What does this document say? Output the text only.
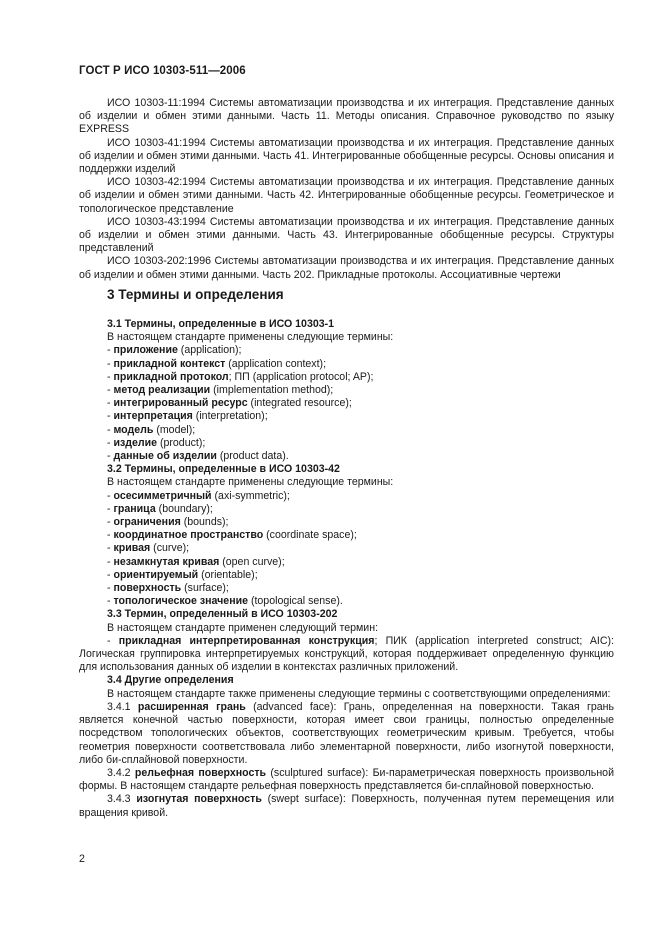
ГОСТ Р ИСО 10303-511—2006

ИСО 10303-11:1994 Системы автоматизации производства и их интеграция. Представление данных об изделии и обмен этими данными. Часть 11. Методы описания. Справочное руководство по языку EXPRESS

ИСО 10303-41:1994 Системы автоматизации производства и их интеграция. Представление данных об изделии и обмен этими данными. Часть 41. Интегрированные обобщенные ресурсы. Основы описания и поддержки изделий

ИСО 10303-42:1994 Системы автоматизации производства и их интеграция. Представление данных об изделии и обмен этими данными. Часть 42. Интегрированные обобщенные ресурсы. Геометрическое и топологическое представление

ИСО 10303-43:1994 Системы автоматизации производства и их интеграция. Представление данных об изделии и обмен этими данными. Часть 43. Интегрированные обобщенные ресурсы. Структуры представлений

ИСО 10303-202:1996 Системы автоматизации производства и их интеграция. Представление данных об изделии и обмен этими данными. Часть 202. Прикладные протоколы. Ассоциативные чертежи

3 Термины и определения

3.1 Термины, определенные в ИСО 10303-1

В настоящем стандарте применены следующие термины:

- приложение (application);

- прикладной контекст (application context);

- прикладной протокол; ПП (application protocol; AP);

- метод реализации (implementation method);

- интегрированный ресурс (integrated resource);

- интерпретация (interpretation);

- модель (model);

- изделие (product);

- данные об изделии (product data).

3.2 Термины, определенные в ИСО 10303-42

В настоящем стандарте применены следующие термины:

- осесимметричный (axi-symmetric);

- граница (boundary);

- ограничения (bounds);

- координатное пространство (coordinate space);

- кривая (curve);

- незамкнутая кривая (open curve);

- ориентируемый (orientable);

- поверхность (surface);

- топологическое значение (topological sense).

3.3 Термин, определенный в ИСО 10303-202

В настоящем стандарте применен следующий термин:

- прикладная интерпретированная конструкция; ПИК (application interpreted construct; AIC): Логическая группировка интерпретируемых конструкций, которая поддерживает определенную функцию для использования данных об изделии в контекстах различных приложений.

3.4 Другие определения

В настоящем стандарте также применены следующие термины с соответствующими определениями:

3.4.1 расширенная грань (advanced face): Грань, определенная на поверхности. Такая грань является конечной частью поверхности, которая имеет свои границы, полностью определенные посредством топологических объектов, соответствующих геометрическим кривым. Требуется, чтобы геометрия поверхности соответствовала либо элементарной поверхности, либо изогнутой поверхности, либо би-сплайновой поверхности.

3.4.2 рельефная поверхность (sculptured surface): Би-параметрическая поверхность произвольной формы. В настоящем стандарте рельефная поверхность представляется би-сплайновой поверхностью.

3.4.3 изогнутая поверхность (swept surface): Поверхность, полученная путем перемещения или вращения кривой.

2
